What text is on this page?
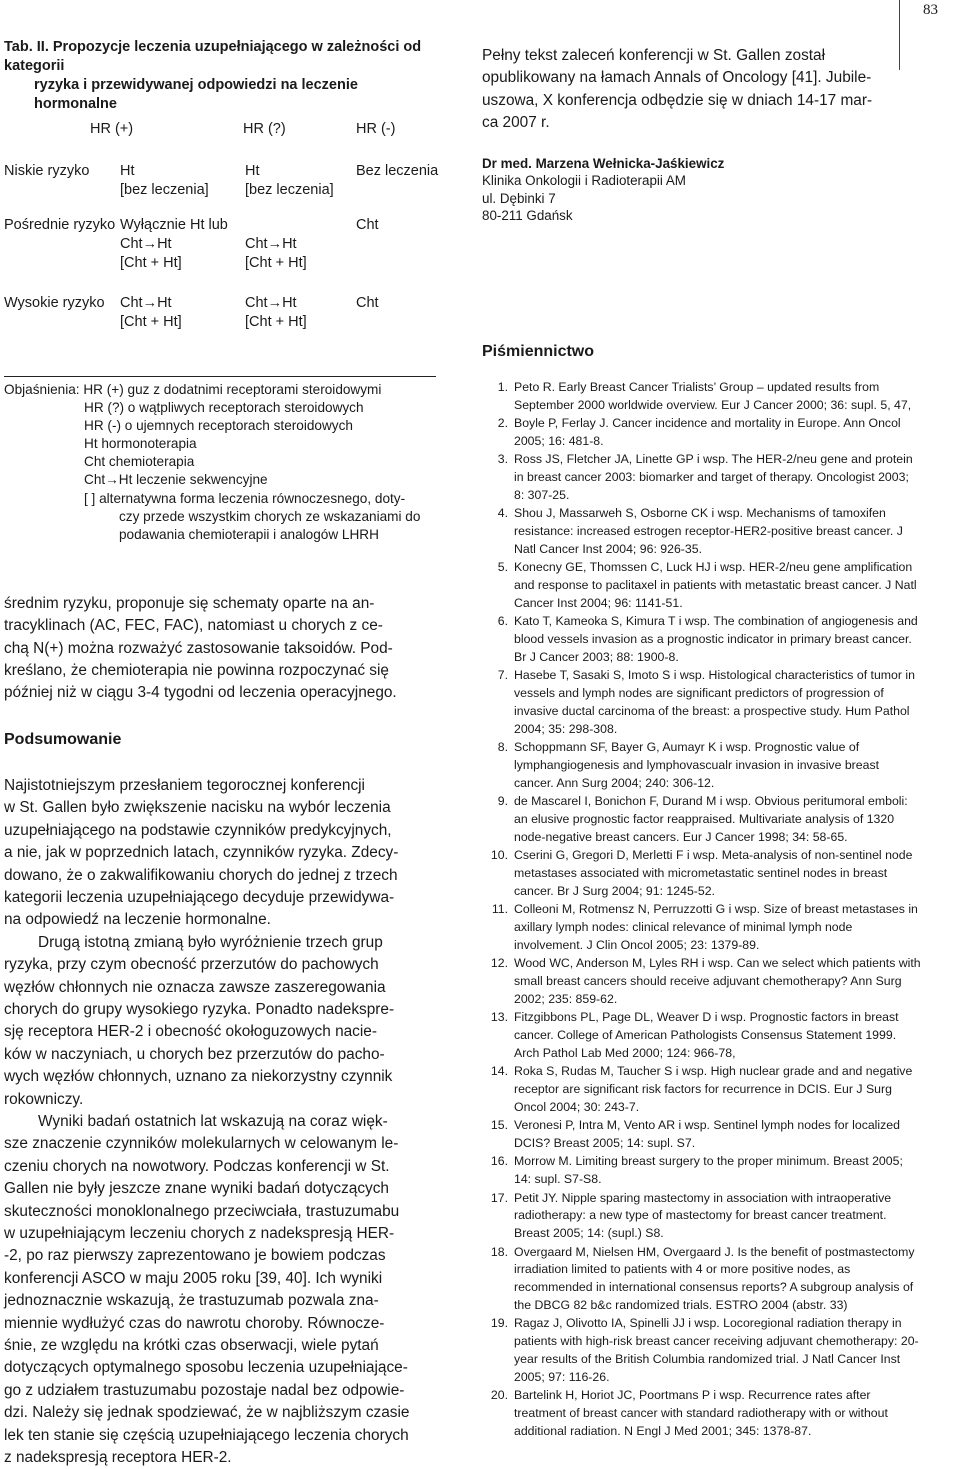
83
Tab. II. Propozycje leczenia uzupełniającego w zależności od kategorii
ryzyka i przewidywanej odpowiedzi na leczenie hormonalne
HR (+)	HR (?)	HR (-)
Niskie ryzyko Ht
[bez leczenia]
Ht
[bez leczenia]
Bez leczenia
Pośrednie ryzyko Wyłącznie Ht lub
Cht→Ht
[Cht + Ht]
Cht→Ht
[Cht + Ht]
Cht
Wysokie ryzyko Cht→Ht
[Cht + Ht]
Cht→Ht
[Cht + Ht]
Cht
Objaśnienia: HR (+) guz z dodatnimi receptorami steroidowymi
HR (?) o wątpliwych receptorach steroidowych
HR (-) o ujemnych receptorach steroidowych
Ht hormonoterapia
Cht chemioterapia
Cht→Ht leczenie sekwencyjne
[ ] alternatywna forma leczenia równoczesnego, doty-
czy przede wszystkim chorych ze wskazaniami do
podawania chemioterapii i analogów LHRH
średnim ryzyku, proponuje się schematy oparte na an-
tracyklinach (AC, FEC, FAC), natomiast u chorych z ce-
chą N(+) można rozważyć zastosowanie taksoidów. Pod-
kreślano, że chemioterapia nie powinna rozpoczynać się
później niż w ciągu 3-4 tygodni od leczenia operacyjnego.
Podsumowanie
Najistotniejszym przesłaniem tegorocznej konferencji
w St. Gallen było zwiększenie nacisku na wybór leczenia
uzupełniającego na podstawie czynników predykcyjnych,
a nie, jak w poprzednich latach, czynników ryzyka. Zdecy-
dowano, że o zakwalifikowaniu chorych do jednej z trzech
kategorii leczenia uzupełniającego decyduje przewidywa-
na odpowiedź na leczenie hormonalne.
Drugą istotną zmianą było wyróżnienie trzech grup
ryzyka, przy czym obecność przerzutów do pachowych
węzłów chłonnych nie oznacza zawsze zaszeregowania
chorych do grupy wysokiego ryzyka. Ponadto nadekspre-
sję receptora HER-2 i obecność okołoguzowych nacie-
ków w naczyniach, u chorych bez przerzutów do pacho-
wych węzłów chłonnych, uznano za niekorzystny czynnik
rokowniczy.
Wyniki badań ostatnich lat wskazują na coraz więk-
sze znaczenie czynników molekularnych w celowanym le-
czeniu chorych na nowotwory. Podczas konferencji w St.
Gallen nie były jeszcze znane wyniki badań dotyczących
skuteczności monoklonalnego przeciwciała, trastuzumabu
w uzupełniającym leczeniu chorych z nadekspresją HER-
-2, po raz pierwszy zaprezentowano je bowiem podczas
konferencji ASCO w maju 2005 roku [39, 40]. Ich wyniki
jednoznacznie wskazują, że trastuzumab pozwala zna-
miennie wydłużyć czas do nawrotu choroby. Równocze-
śnie, ze względu na krótki czas obserwacji, wiele pytań
dotyczących optymalnego sposobu leczenia uzupełniające-
go z udziałem trastuzumabu pozostaje nadal bez odpowie-
dzi. Należy się jednak spodziewać, że w najbliższym czasie
lek ten stanie się częścią uzupełniającego leczenia chorych
z nadekspresją receptora HER-2.
Pełny tekst zaleceń konferencji w St. Gallen został
opublikowany na łamach Annals of Oncology [41]. Jubile-
uszowa, X konferencja odbędzie się w dniach 14-17 mar-
ca 2007 r.
Dr med. Marzena Wełnicka-Jaśkiewicz
Klinika Onkologii i Radioterapii AM
ul. Dębinki 7
80-211 Gdańsk
Piśmiennictwo
1. Peto R. Early Breast Cancer Trialists’ Group – updated results from September 2000 worldwide overview. Eur J Cancer 2000; 36: supl. 5, 47,
2. Boyle P, Ferlay J. Cancer incidence and mortality in Europe. Ann Oncol 2005; 16: 481-8.
3. Ross JS, Fletcher JA, Linette GP i wsp. The HER-2/neu gene and protein in breast cancer 2003: biomarker and target of therapy. Oncologist 2003; 8: 307-25.
4. Shou J, Massarweh S, Osborne CK i wsp. Mechanisms of tamoxifen resistance: increased estrogen receptor-HER2-positive breast cancer. J Natl Cancer Inst 2004; 96: 926-35.
5. Konecny GE, Thomssen C, Luck HJ i wsp. HER-2/neu gene amplification and response to paclitaxel in patients with metastatic breast cancer. J Natl Cancer Inst 2004; 96: 1141-51.
6. Kato T, Kameoka S, Kimura T i wsp. The combination of angiogenesis and blood vessels invasion as a prognostic indicator in primary breast cancer. Br J Cancer 2003; 88: 1900-8.
7. Hasebe T, Sasaki S, Imoto S i wsp. Histological characteristics of tumor in vessels and lymph nodes are significant predictors of progression of invasive ductal carcinoma of the breast: a prospective study. Hum Pathol 2004; 35: 298-308.
8. Schoppmann SF, Bayer G, Aumayr K i wsp. Prognostic value of lymphangiogenesis and lymphovascualr invasion in invasive breast cancer. Ann Surg 2004; 240: 306-12.
9. de Mascarel I, Bonichon F, Durand M i wsp. Obvious peritumoral emboli: an elusive prognostic factor reappraised. Multivariate analysis of 1320 node-negative breast cancers. Eur J Cancer 1998; 34: 58-65.
10. Cserini G, Gregori D, Merletti F i wsp. Meta-analysis of non-sentinel node metastases associated with micrometastatic sentinel nodes in breast cancer. Br J Surg 2004; 91: 1245-52.
11. Colleoni M, Rotmensz N, Perruzzotti G i wsp. Size of breast metastases in axillary lymph nodes: clinical relevance of minimal lymph node involvement. J Clin Oncol 2005; 23: 1379-89.
12. Wood WC, Anderson M, Lyles RH i wsp. Can we select which patients with small breast cancers should receive adjuvant chemotherapy? Ann Surg 2002; 235: 859-62.
13. Fitzgibbons PL, Page DL, Weaver D i wsp. Prognostic factors in breast cancer. College of American Pathologists Consensus Statement 1999. Arch Pathol Lab Med 2000; 124: 966-78,
14. Roka S, Rudas M, Taucher S i wsp. High nuclear grade and and negative receptor are significant risk factors for recurrence in DCIS. Eur J Surg Oncol 2004; 30: 243-7.
15. Veronesi P, Intra M, Vento AR i wsp. Sentinel lymph nodes for localized DCIS? Breast 2005; 14: supl. S7.
16. Morrow M. Limiting breast surgery to the proper minimum. Breast 2005; 14: supl. S7-S8.
17. Petit JY. Nipple sparing mastectomy in association with intraoperative radiotherapy: a new type of mastectomy for breast cancer treatment. Breast 2005; 14: (supl.) S8.
18. Overgaard M, Nielsen HM, Overgaard J. Is the benefit of postmastectomy irradiation limited to patients with 4 or more positive nodes, as recommended in international consensus reports? A subgroup analysis of the DBCG 82 b&c randomized trials. ESTRO 2004 (abstr. 33)
19. Ragaz J, Olivotto IA, Spinelli JJ i wsp. Locoregional radiation therapy in patients with high-risk breast cancer receiving adjuvant chemotherapy: 20-year results of the British Columbia randomized trial. J Natl Cancer Inst 2005; 97: 116-26.
20. Bartelink H, Horiot JC, Poortmans P i wsp. Recurrence rates after treatment of breast cancer with standard radiotherapy with or without additional radiation. N Engl J Med 2001; 345: 1378-87.
